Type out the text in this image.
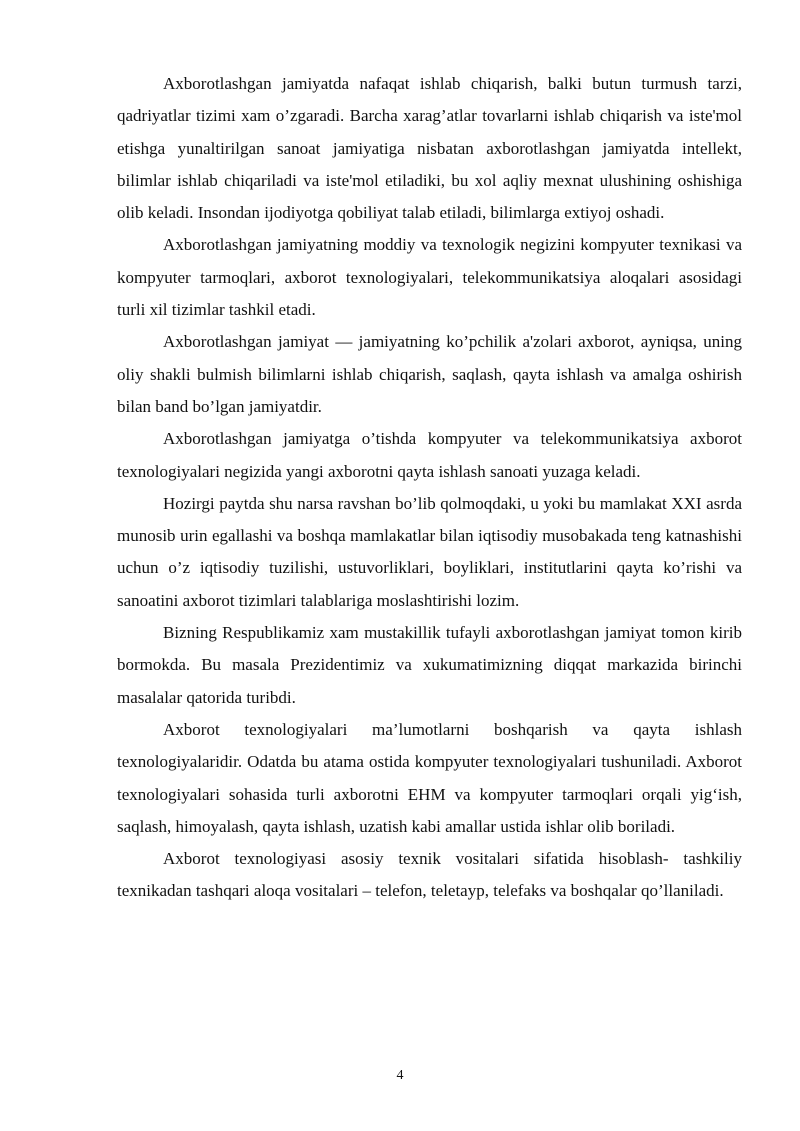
Axborotlashgan jamiyatda nafaqat ishlab chiqarish, balki butun turmush tarzi, qadriyatlar tizimi xam o’zgaradi. Barcha xarag’atlar tovarlarni ishlab chiqarish va iste'mol etishga yunaltirilgan sanoat jamiyatiga nisbatan axborotlashgan jamiyatda intellekt, bilimlar ishlab chiqariladi va iste'mol etiladiki, bu xol aqliy mexnat ulushining oshishiga olib keladi. Insondan ijodiyotga qobiliyat talab etiladi, bilimlarga extiyoj oshadi.

Axborotlashgan jamiyatning moddiy va texnologik negizini kompyuter texnikasi va kompyuter tarmoqlari, axborot texnologiyalari, telekommunikatsiya aloqalari asosidagi turli xil tizimlar tashkil etadi.

Axborotlashgan jamiyat — jamiyatning ko’pchilik a'zolari axborot, ayniqsa, uning oliy shakli bulmish bilimlarni ishlab chiqarish, saqlash, qayta ishlash va amalga oshirish bilan band bo’lgan jamiyatdir.

Axborotlashgan jamiyatga o’tishda kompyuter va telekommunikatsiya axborot texnologiyalari negizida yangi axborotni qayta ishlash sanoati yuzaga keladi.

Hozirgi paytda shu narsa ravshan bo’lib qolmoqdaki, u yoki bu mamlakat XXI asrda munosib urin egallashi va boshqa mamlakatlar bilan iqtisodiy musobakada teng katnashishi uchun o’z iqtisodiy tuzilishi, ustuvorliklari, boyliklari, institutlarini qayta ko’rishi va sanoatini axborot tizimlari talablariga moslashtirishi lozim.

Bizning Respublikamiz xam mustakillik tufayli axborotlashgan jamiyat tomon kirib bormokda. Bu masala Prezidentimiz va xukumatimizning diqqat markazida birinchi masalalar qatorida turibdi.

Axborot texnologiyalari ma’lumotlarni boshqarish va qayta ishlash texnologiyalaridir. Odatda bu atama ostida kompyuter texnologiyalari tushuniladi. Axborot texnologiyalari sohasida turli axborotni EHM va kompyuter tarmoqlari orqali yig‘ish, saqlash, himoyalash, qayta ishlash, uzatish kabi amallar ustida ishlar olib boriladi.

Axborot texnologiyasi asosiy texnik vositalari sifatida hisoblash- tashkiliy texnikadan tashqari aloqa vositalari – telefon, teletayp, telefaks va boshqalar qo’llaniladi.

4
